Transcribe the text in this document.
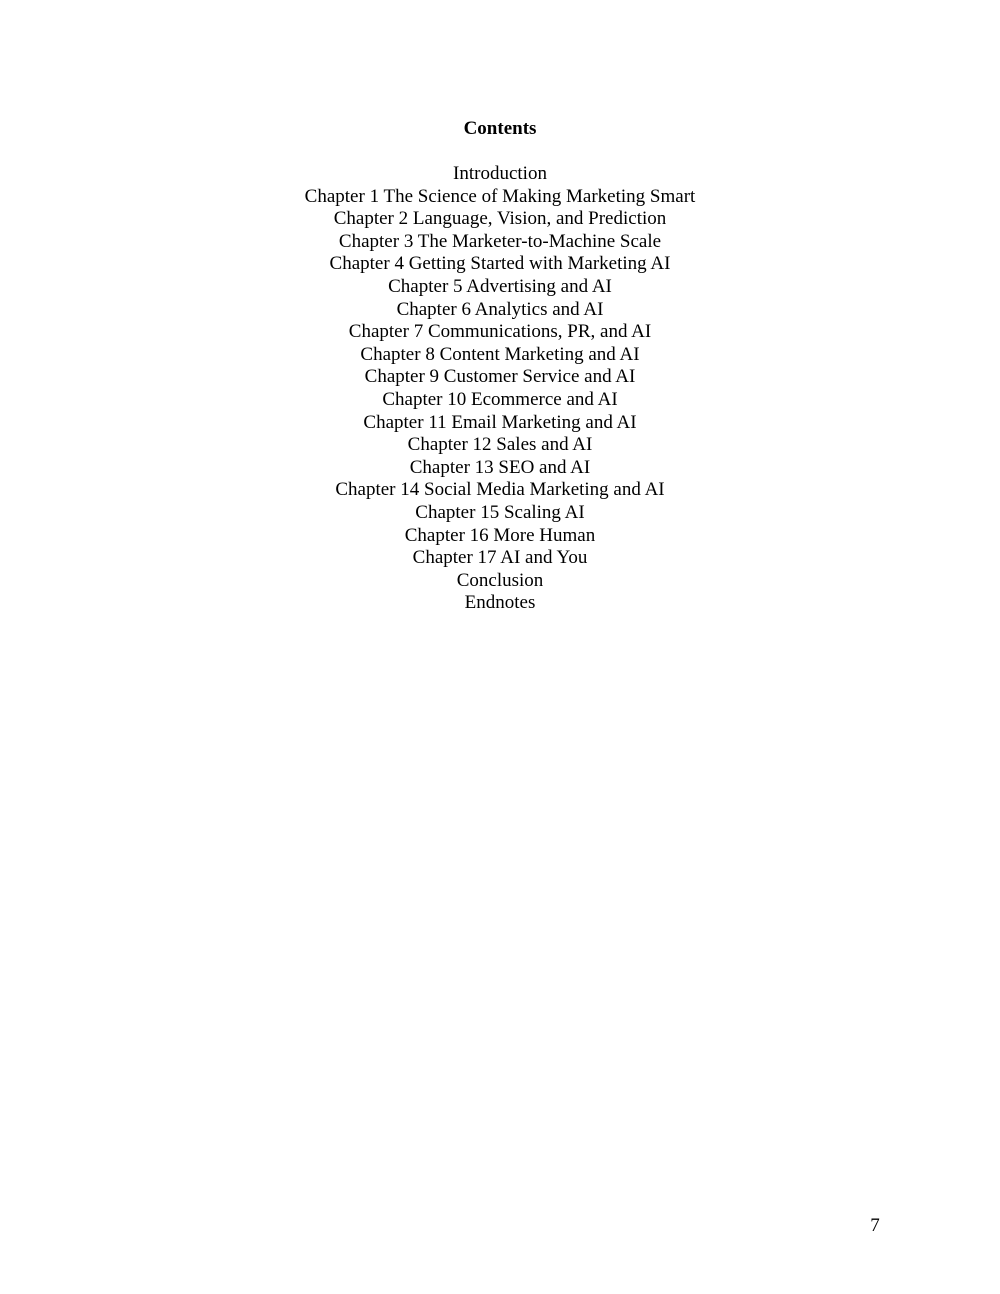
Contents
Introduction
Chapter 1 The Science of Making Marketing Smart
Chapter 2 Language, Vision, and Prediction
Chapter 3 The Marketer-to-Machine Scale
Chapter 4 Getting Started with Marketing AI
Chapter 5 Advertising and AI
Chapter 6 Analytics and AI
Chapter 7 Communications, PR, and AI
Chapter 8 Content Marketing and AI
Chapter 9 Customer Service and AI
Chapter 10 Ecommerce and AI
Chapter 11 Email Marketing and AI
Chapter 12 Sales and AI
Chapter 13 SEO and AI
Chapter 14 Social Media Marketing and AI
Chapter 15 Scaling AI
Chapter 16 More Human
Chapter 17 AI and You
Conclusion
Endnotes
7
